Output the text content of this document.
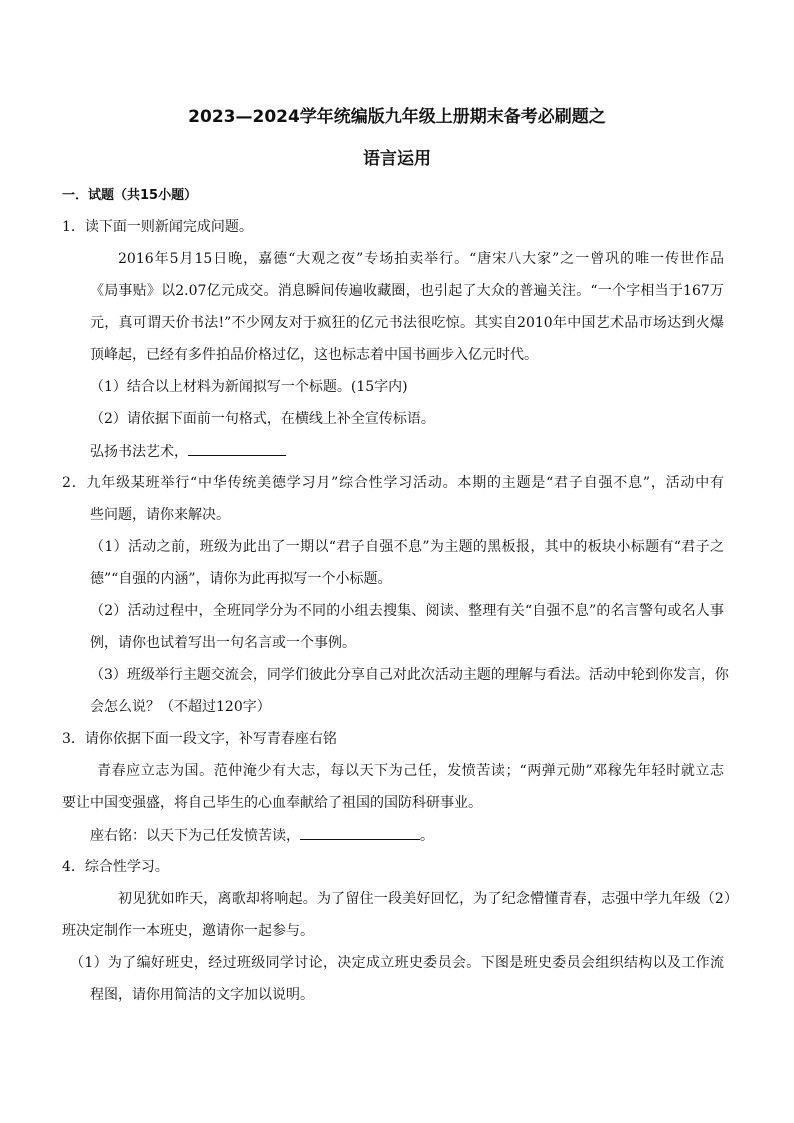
2023—2024学年统编版九年级上册期末备考必刷题之
语言运用
一．试题（共15小题）
1．读下面一则新闻完成问题。
2016年5月15日晚，嘉德“大观之夜”专场拍卖举行。“唐宋八大家”之一曾巩的唯一传世作品
《局事贴》以2.07亿元成交。消息瞬间传遍收藏圈，也引起了大众的普遍关注。“一个字相当于167万
元，真可谓天价书法!”不少网友对于疯狂的亿元书法很吃惊。其实自2010年中国艺术品市场达到火爆
顶峰起，已经有多件拍品价格过亿，这也标志着中国书画步入亿元时代。
（1）结合以上材料为新闻拟写一个标题。(15字内)
（2）请依据下面前一句格式，在横线上补全宣传标语。
弘扬书法艺术，
2．九年级某班举行“中华传统美德学习月”综合性学习活动。本期的主题是“君子自强不息”，活动中有
些问题，请你来解决。
（1）活动之前，班级为此出了一期以“君子自强不息”为主题的黑板报，其中的板块小标题有“君子之
德”“自强的内涵”，请你为此再拟写一个小标题。
（2）活动过程中，全班同学分为不同的小组去搜集、阅读、整理有关“自强不息”的名言警句或名人事
例，请你也试着写出一句名言或一个事例。
（3）班级举行主题交流会，同学们彼此分享自己对此次活动主题的理解与看法。活动中轮到你发言，你
会怎么说？（不超过120字）
3．请你依据下面一段文字，补写青春座右铭
青春应立志为国。范仲淹少有大志，每以天下为己任，发愤苦读；“两弹元勋”邓稼先年轻时就立志
要让中国变强盛，将自己毕生的心血奉献给了祖国的国防科研事业。
座右铭：以天下为己任发愤苦读，	。
4．综合性学习。
初见犹如昨天，离歌却将响起。为了留住一段美好回忆，为了纪念懵懂青春，志强中学九年级（2）
班决定制作一本班史，邀请你一起参与。
（1）为了编好班史，经过班级同学讨论，决定成立班史委员会。下图是班史委员会组织结构以及工作流
程图，请你用简洁的文字加以说明。
